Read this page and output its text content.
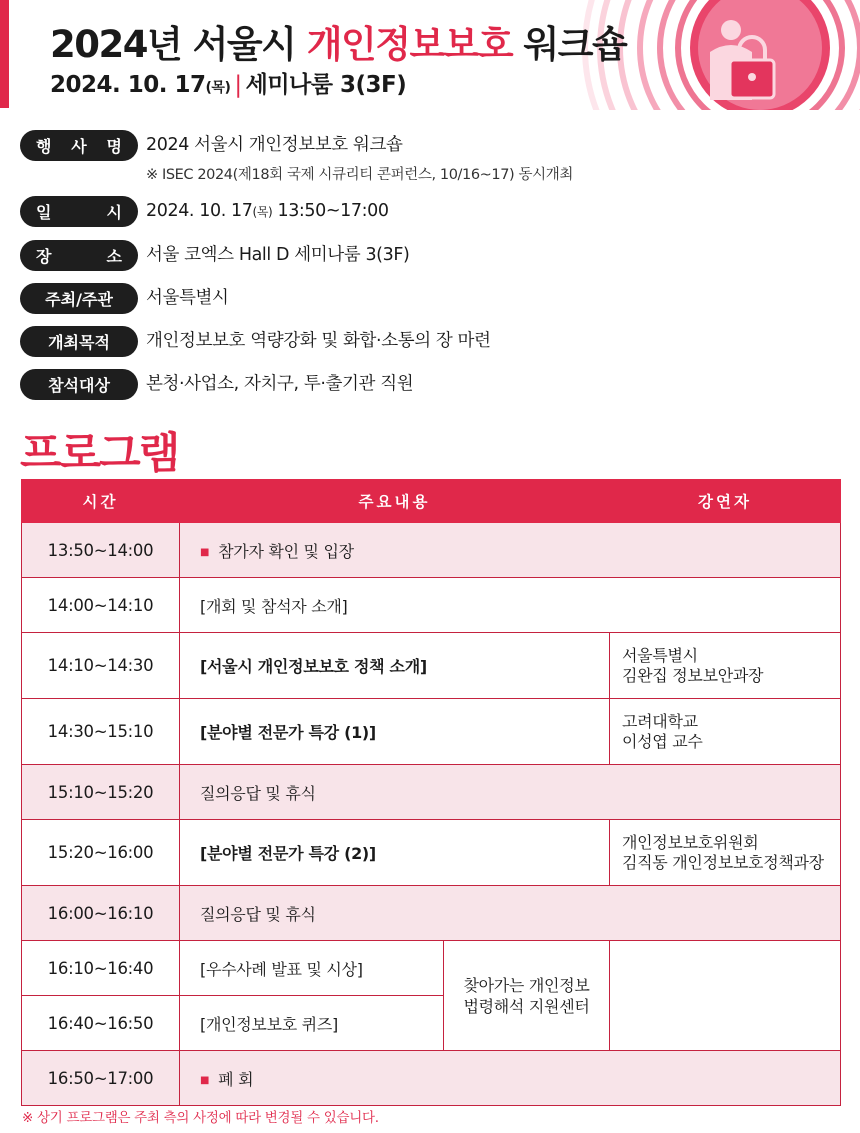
2024년 서울시 개인정보보호 워크숍
2024. 10. 17(목) | 세미나룸 3(3F)
행 사 명 2024 서울시 개인정보보호 워크숍
※ ISEC 2024(제18회 국제 시큐리티 콘퍼런스, 10/16~17) 동시개최
일	시 2024. 10. 17(목) 13:50~17:00
장	소 서울 코엑스 Hall D 세미나룸 3(3F)
주최/주관	서울특별시
개최목적	개인정보보호 역량강화 및 화합·소통의 장 마련
참석대상	본청·사업소, 자치구, 투·출기관 직원
프로그램
시간	주요내용		강연자
13:50~14:00	■ 참가자 확인 및 입장		
14:00~14:10	[개회 및 참석자 소개]		
14:10~14:30	[서울시 개인정보보호 정책 소개]		서울특별시
김완집 정보보안과장

14:30~15:10	[분야별 전문가 특강 (1)]		고려대학교
이성엽 교수

15:10~15:20	질의응답 및 휴식		
15:20~16:00	[분야별 전문가 특강 (2)]		개인정보보호위원회
김직동 개인정보보호정책과장

16:00~16:10	질의응답 및 휴식		
16:10~16:40	[우수사례 발표 및 시상]	찾아가는 개인정보
법령해석 지원센터	

16:40~16:50	[개인정보보호 퀴즈]		
16:50~17:00	■ 폐 회		
※ 상기 프로그램은 주최 측의 사정에 따라 변경될 수 있습니다.
